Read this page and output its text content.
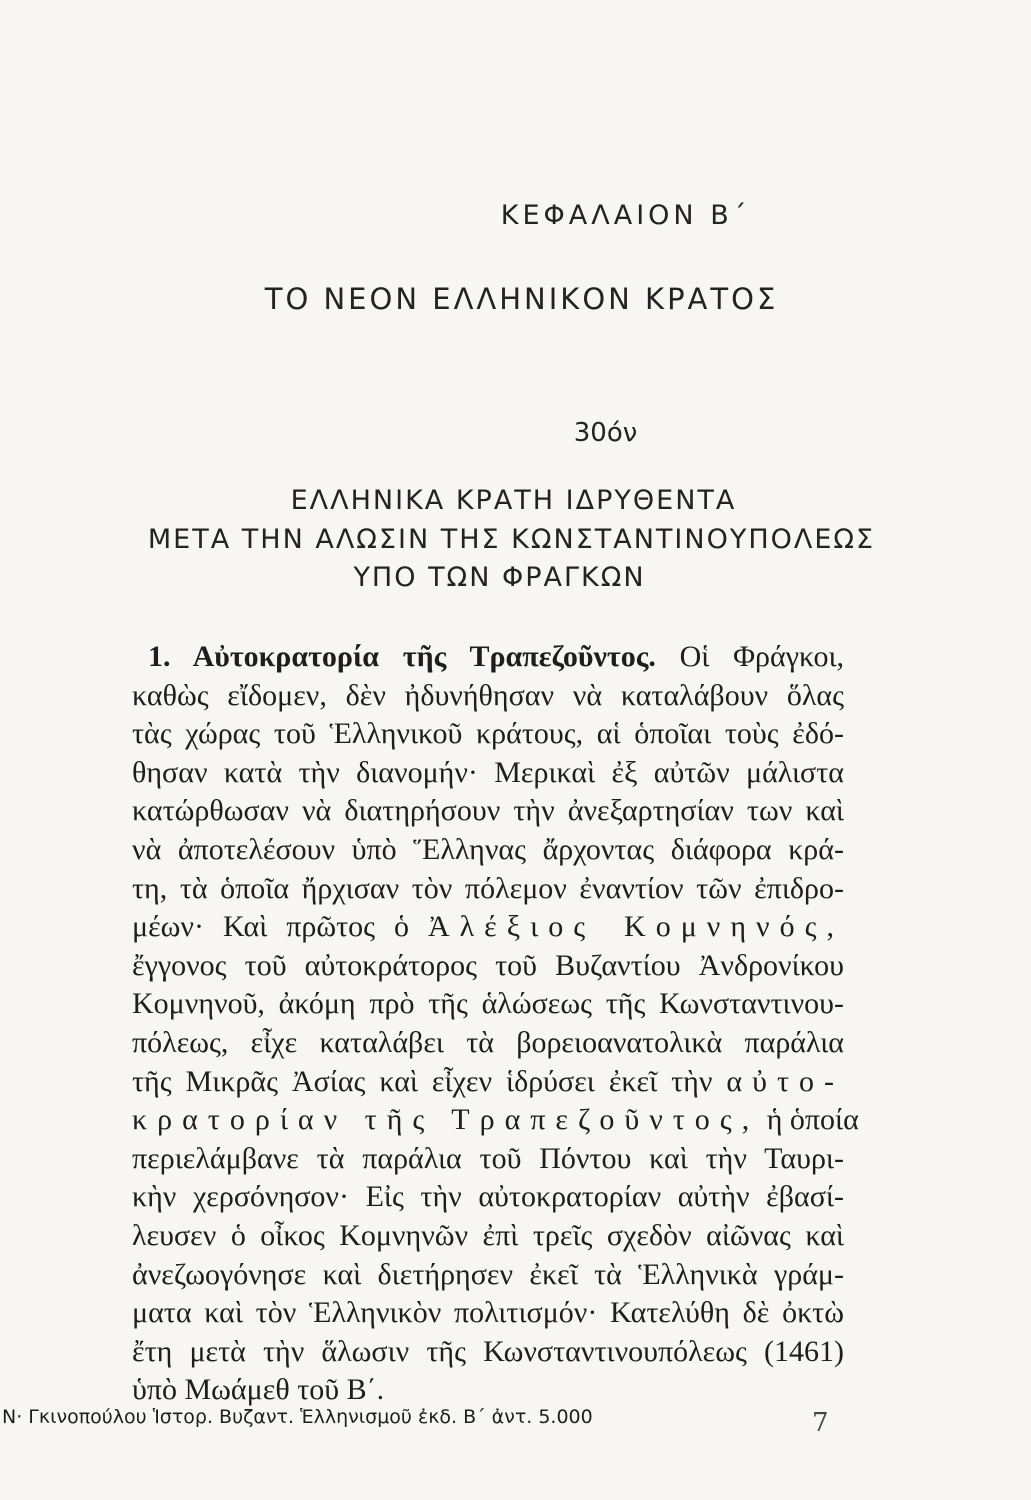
ΚΕΦΑΛΑΙΟΝ Β΄
ΤΟ ΝΕΟΝ ΕΛΛΗΝΙΚΟΝ ΚΡΑΤΟΣ
30όν
ΕΛΛΗΝΙΚΑ ΚΡΑΤΗ ΙΔΡΥΘΕΝΤΑ
ΜΕΤΑ ΤΗΝ ΑΛΩΣΙΝ ΤΗΣ ΚΩΝΣΤΑΝΤΙΝΟΥΠΟΛΕΩΣ
ΥΠΟ ΤΩΝ ΦΡΑΓΚΩΝ
1. Αὐτοκρατορία τῆς Τραπεζοῦντος. Οἱ Φράγκοι,
καθὼς εἴδομεν, δὲν ἠδυνήθησαν νὰ καταλάβουν ὅλας
τὰς χώρας τοῦ Ἑλληνικοῦ κράτους, αἱ ὁποῖαι τοὺς ἐδό-
θησαν κατὰ τὴν διανομήν· Μερικαὶ ἐξ αὐτῶν μάλιστα
κατώρθωσαν νὰ διατηρήσουν τὴν ἀνεξαρτησίαν των καὶ
νὰ ἀποτελέσουν ὑπὸ Ἕλληνας ἄρχοντας διάφορα κρά-
τη, τὰ ὁποῖα ἤρχισαν τὸν πόλεμον ἐναντίον τῶν ἐπιδρο-
μέων· Καὶ πρῶτος ὁ Ἀλέξιος Κομνηνός,
ἔγγονος τοῦ αὐτοκράτορος τοῦ Βυζαντίου Ἀνδρονίκου
Κομνηνοῦ, ἀκόμη πρὸ τῆς ἁλώσεως τῆς Κωνσταντινου-
πόλεως, εἶχε καταλάβει τὰ βορειοανατολικὰ παράλια
τῆς Μικρᾶς Ἀσίας καὶ εἶχεν ἱδρύσει ἐκεῖ τὴν αὐτο-
κρατορίαν τῆς Τραπεζοῦντος, ἡ ὁποία
περιελάμβανε τὰ παράλια τοῦ Πόντου καὶ τὴν Ταυρι-
κὴν χερσόνησον· Εἰς τὴν αὐτοκρατορίαν αὐτὴν ἐβασί-
λευσεν ὁ οἶκος Κομνηνῶν ἐπὶ τρεῖς σχεδὸν αἰῶνας καὶ
ἀνεζωογόνησε καὶ διετήρησεν ἐκεῖ τὰ Ἑλληνικὰ γράμ-
ματα καὶ τὸν Ἑλληνικὸν πολιτισμόν· Κατελύθη δὲ ὀκτὼ
ἔτη μετὰ τὴν ἅλωσιν τῆς Κωνσταντινουπόλεως (1461)
ὑπὸ Μωάμεθ τοῦ Β΄.
Ν· Γκινοπούλου Ἱστορ. Βυζαντ. Ἑλληνισμοῦ ἐκδ. Β΄ ἀντ. 5.000	7
